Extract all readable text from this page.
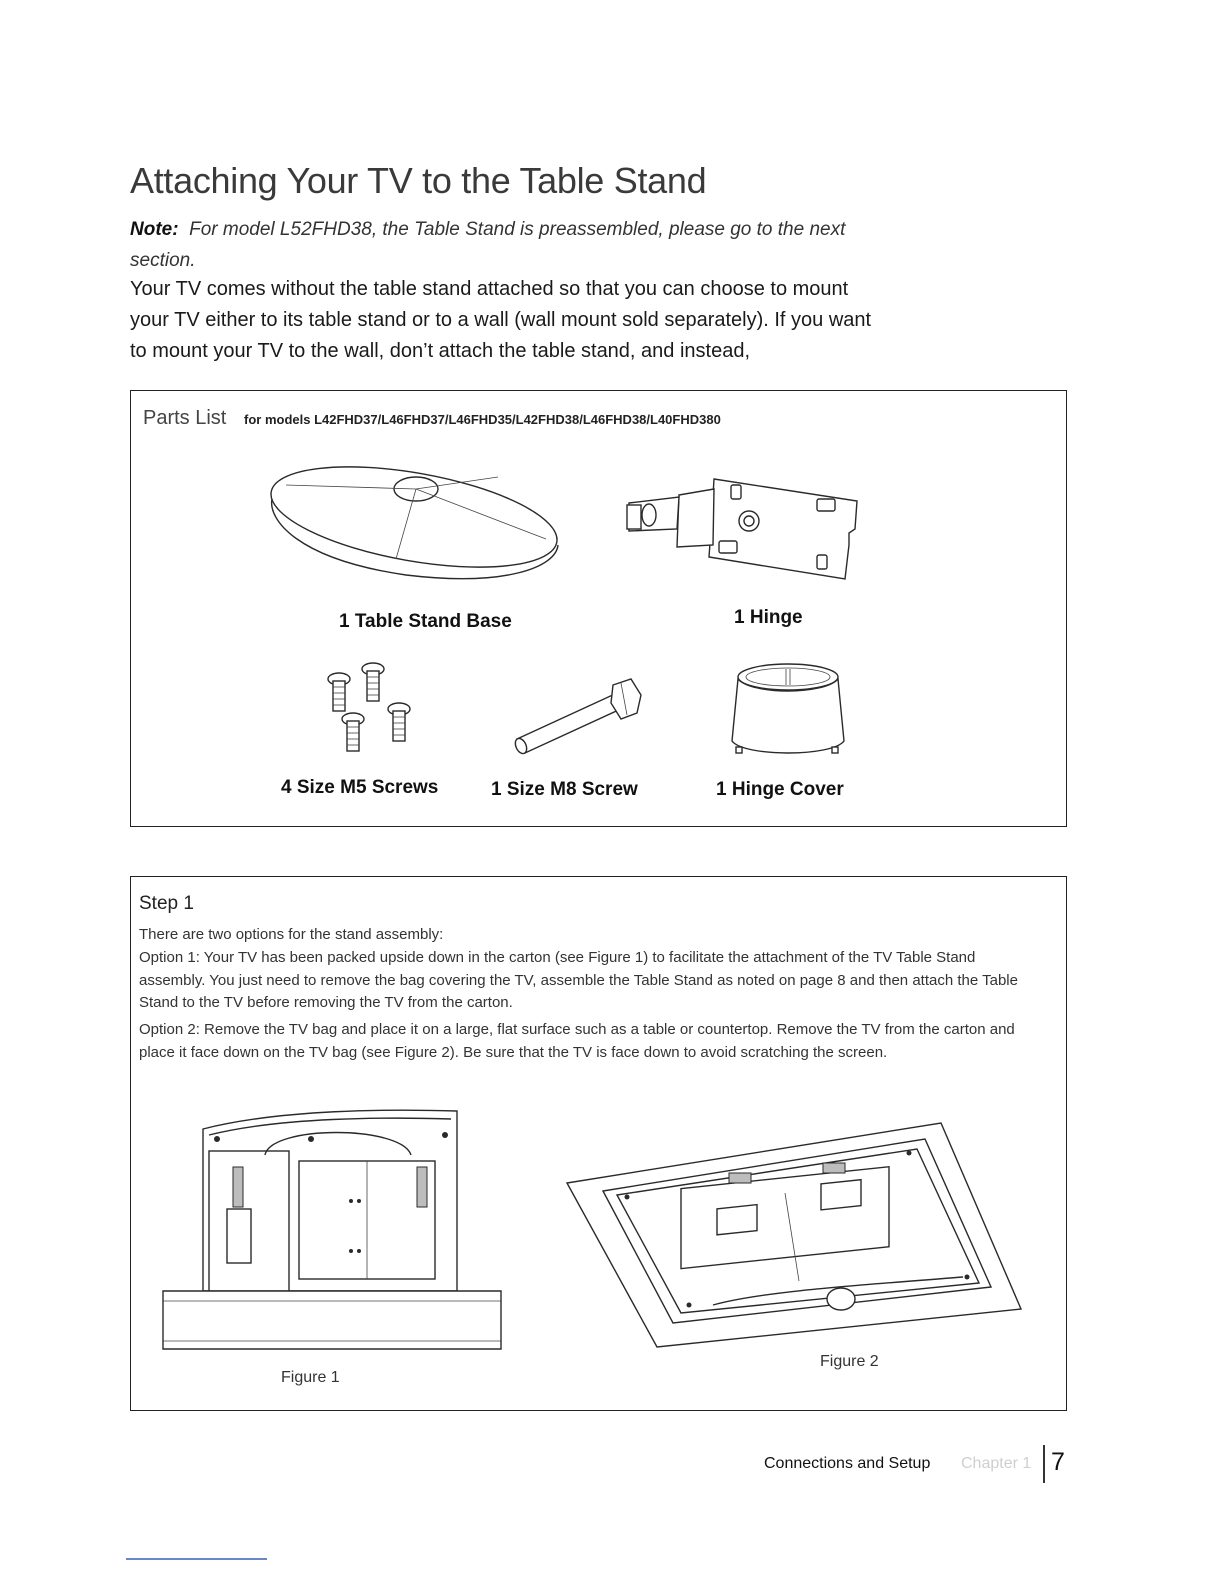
Attaching Your TV to the Table Stand
Note: For model L52FHD38, the Table Stand is preassembled, please go to the next section.
Your TV comes without the table stand attached so that you can choose to mount your TV either to its table stand or to a wall (wall mount sold separately). If you want to mount your TV to the wall, don’t attach the table stand, and instead,
Parts List for models L42FHD37/L46FHD37/L46FHD35/L42FHD38/L46FHD38/L40FHD380
1 Table Stand Base	1 Hinge
4 Size M5 Screws	1 Size M8 Screw	1 Hinge Cover
Step 1
There are two options for the stand assembly:
Option 1: Your TV has been packed upside down in the carton (see Figure 1) to facilitate the attachment of the TV Table Stand assembly. You just need to remove the bag covering the TV, assemble the Table Stand as noted on page 8 and then attach the Table Stand to the TV before removing the TV from the carton.
Option 2: Remove the TV bag and place it on a large, flat surface such as a table or countertop. Remove the TV from the carton and place it face down on the TV bag (see Figure 2). Be sure that the TV is face down to avoid scratching the screen.
Figure 1
Figure 2
Connections and Setup Chapter 1 7
